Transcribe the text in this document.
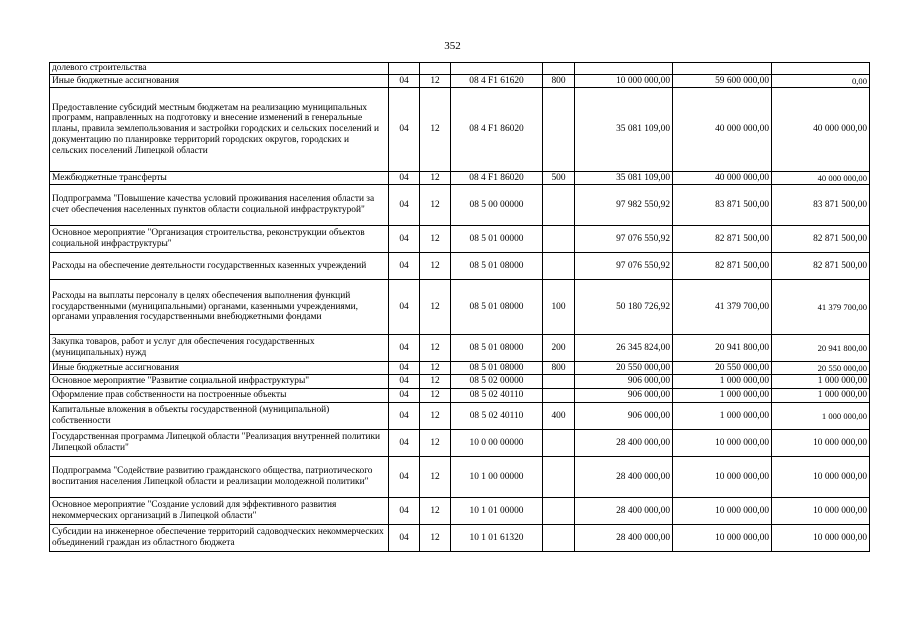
352
долевого строительства							
Иные бюджетные ассигнования	04	12	08 4 F1 61620	800	10 000 000,00	59 600 000,00	0,00
Предоставление субсидий местным бюджетам на реализацию муниципальных программ, направленных на подготовку и внесение изменений в генеральные планы, правила землепользования и застройки городских и сельских поселений и документацию по планировке территорий городских округов, городских и сельских поселений Липецкой области	04	12	08 4 F1 86020		35 081 109,00	40 000 000,00	40 000 000,00
Межбюджетные трансферты	04	12	08 4 F1 86020	500	35 081 109,00	40 000 000,00	40 000 000,00
Подпрограмма "Повышение качества условий проживания населения области за счет обеспечения населенных пунктов области социальной инфраструктурой"	04	12	08 5 00 00000		97 982 550,92	83 871 500,00	83 871 500,00
Основное мероприятие "Организация строительства, реконструкции объектов социальной инфраструктуры"	04	12	08 5 01 00000		97 076 550,92	82 871 500,00	82 871 500,00
Расходы на обеспечение деятельности государственных казенных учреждений	04	12	08 5 01 08000		97 076 550,92	82 871 500,00	82 871 500,00
Расходы на выплаты персоналу в целях обеспечения выполнения функций государственными (муниципальными) органами, казенными учреждениями, органами управления государственными внебюджетными фондами	04	12	08 5 01 08000	100	50 180 726,92	41 379 700,00	41 379 700,00
Закупка товаров, работ и услуг для обеспечения государственных (муниципальных) нужд	04	12	08 5 01 08000	200	26 345 824,00	20 941 800,00	20 941 800,00
Иные бюджетные ассигнования	04	12	08 5 01 08000	800	20 550 000,00	20 550 000,00	20 550 000,00
Основное мероприятие "Развитие социальной инфраструктуры"	04	12	08 5 02 00000		906 000,00	1 000 000,00	1 000 000,00
Оформление прав собственности на построенные объекты	04	12	08 5 02 40110		906 000,00	1 000 000,00	1 000 000,00
Капитальные вложения в объекты государственной (муниципальной) собственности	04	12	08 5 02 40110	400	906 000,00	1 000 000,00	1 000 000,00
Государственная программа Липецкой области "Реализация внутренней политики Липецкой области"	04	12	10 0 00 00000		28 400 000,00	10 000 000,00	10 000 000,00
Подпрограмма "Содействие развитию гражданского общества, патриотического воспитания населения Липецкой области и реализации молодежной политики"	04	12	10 1 00 00000		28 400 000,00	10 000 000,00	10 000 000,00
Основное мероприятие "Создание условий для эффективного развития некоммерческих организаций в Липецкой области"	04	12	10 1 01 00000		28 400 000,00	10 000 000,00	10 000 000,00
Субсидии на инженерное обеспечение территорий садоводческих некоммерческих объединений граждан из областного бюджета	04	12	10 1 01 61320		28 400 000,00	10 000 000,00	10 000 000,00
